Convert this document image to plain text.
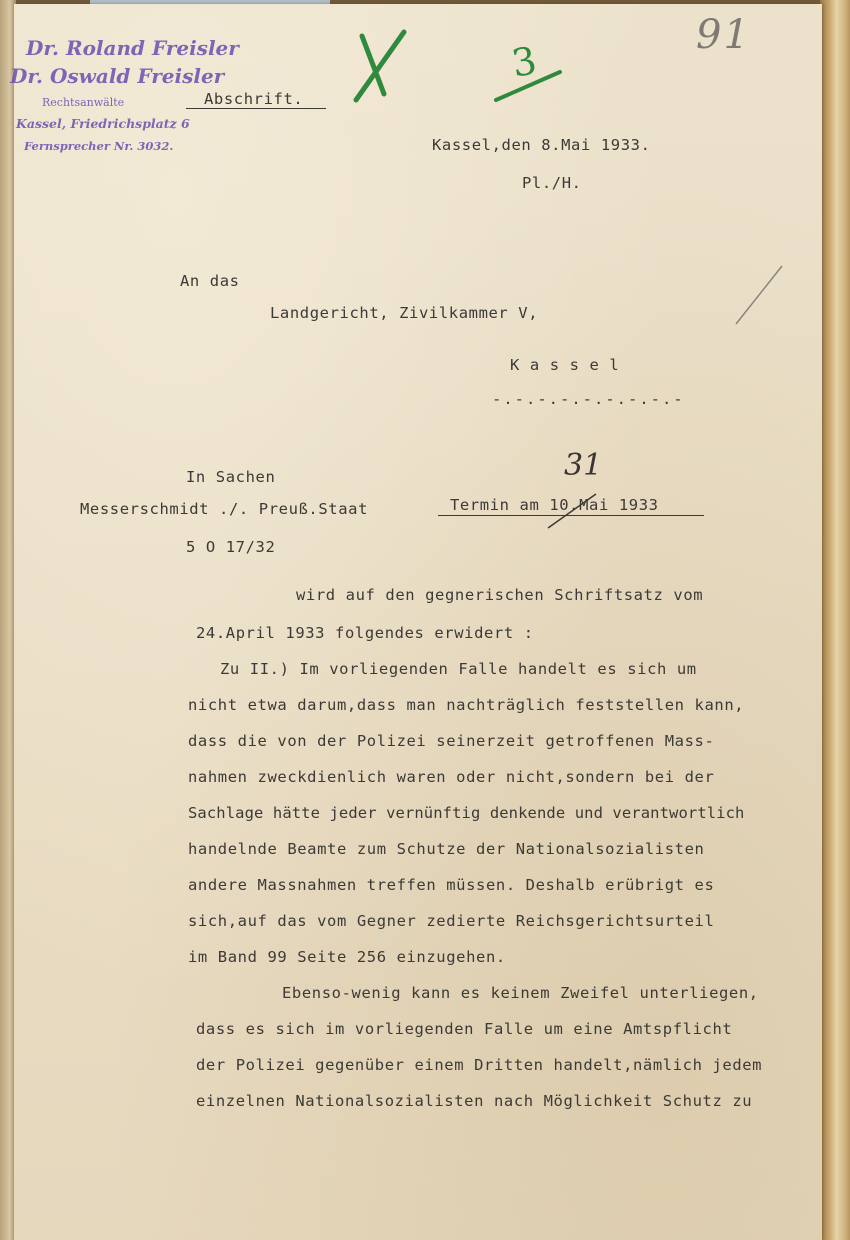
Dr. Roland Freisler
Dr. Oswald Freisler
Rechtsanwälte
Kassel, Friedrichsplatz 6
Fernsprecher Nr. 3032.
Abschrift.
3
91
Kassel,den 8.Mai 1933.
Pl./H.
An das
Landgericht, Zivilkammer V,
K a s s e l
-.-.-.-.-.-.-.-.-
In Sachen
Messerschmidt ./. Preuß.Staat	Termin am 10.Mai 1933
31
5 O 17/32
wird auf den gegnerischen Schriftsatz vom
24.April 1933 folgendes erwidert :
Zu II.) Im vorliegenden Falle handelt es sich um
nicht etwa darum,dass man nachträglich feststellen kann,
dass die von der Polizei seinerzeit getroffenen Mass-
nahmen zweckdienlich waren oder nicht,sondern bei der
Sachlage hätte jeder vernünftig denkende und verantwortlich
handelnde Beamte zum Schutze der Nationalsozialisten
andere Massnahmen treffen müssen. Deshalb erübrigt es
sich,auf das vom Gegner zedierte Reichsgerichtsurteil
im Band 99 Seite 256 einzugehen.
Ebenso-wenig kann es keinem Zweifel unterliegen,
dass es sich im vorliegenden Falle um eine Amtspflicht
der Polizei gegenüber einem Dritten handelt,nämlich jedem
einzelnen Nationalsozialisten nach Möglichkeit Schutz zu
